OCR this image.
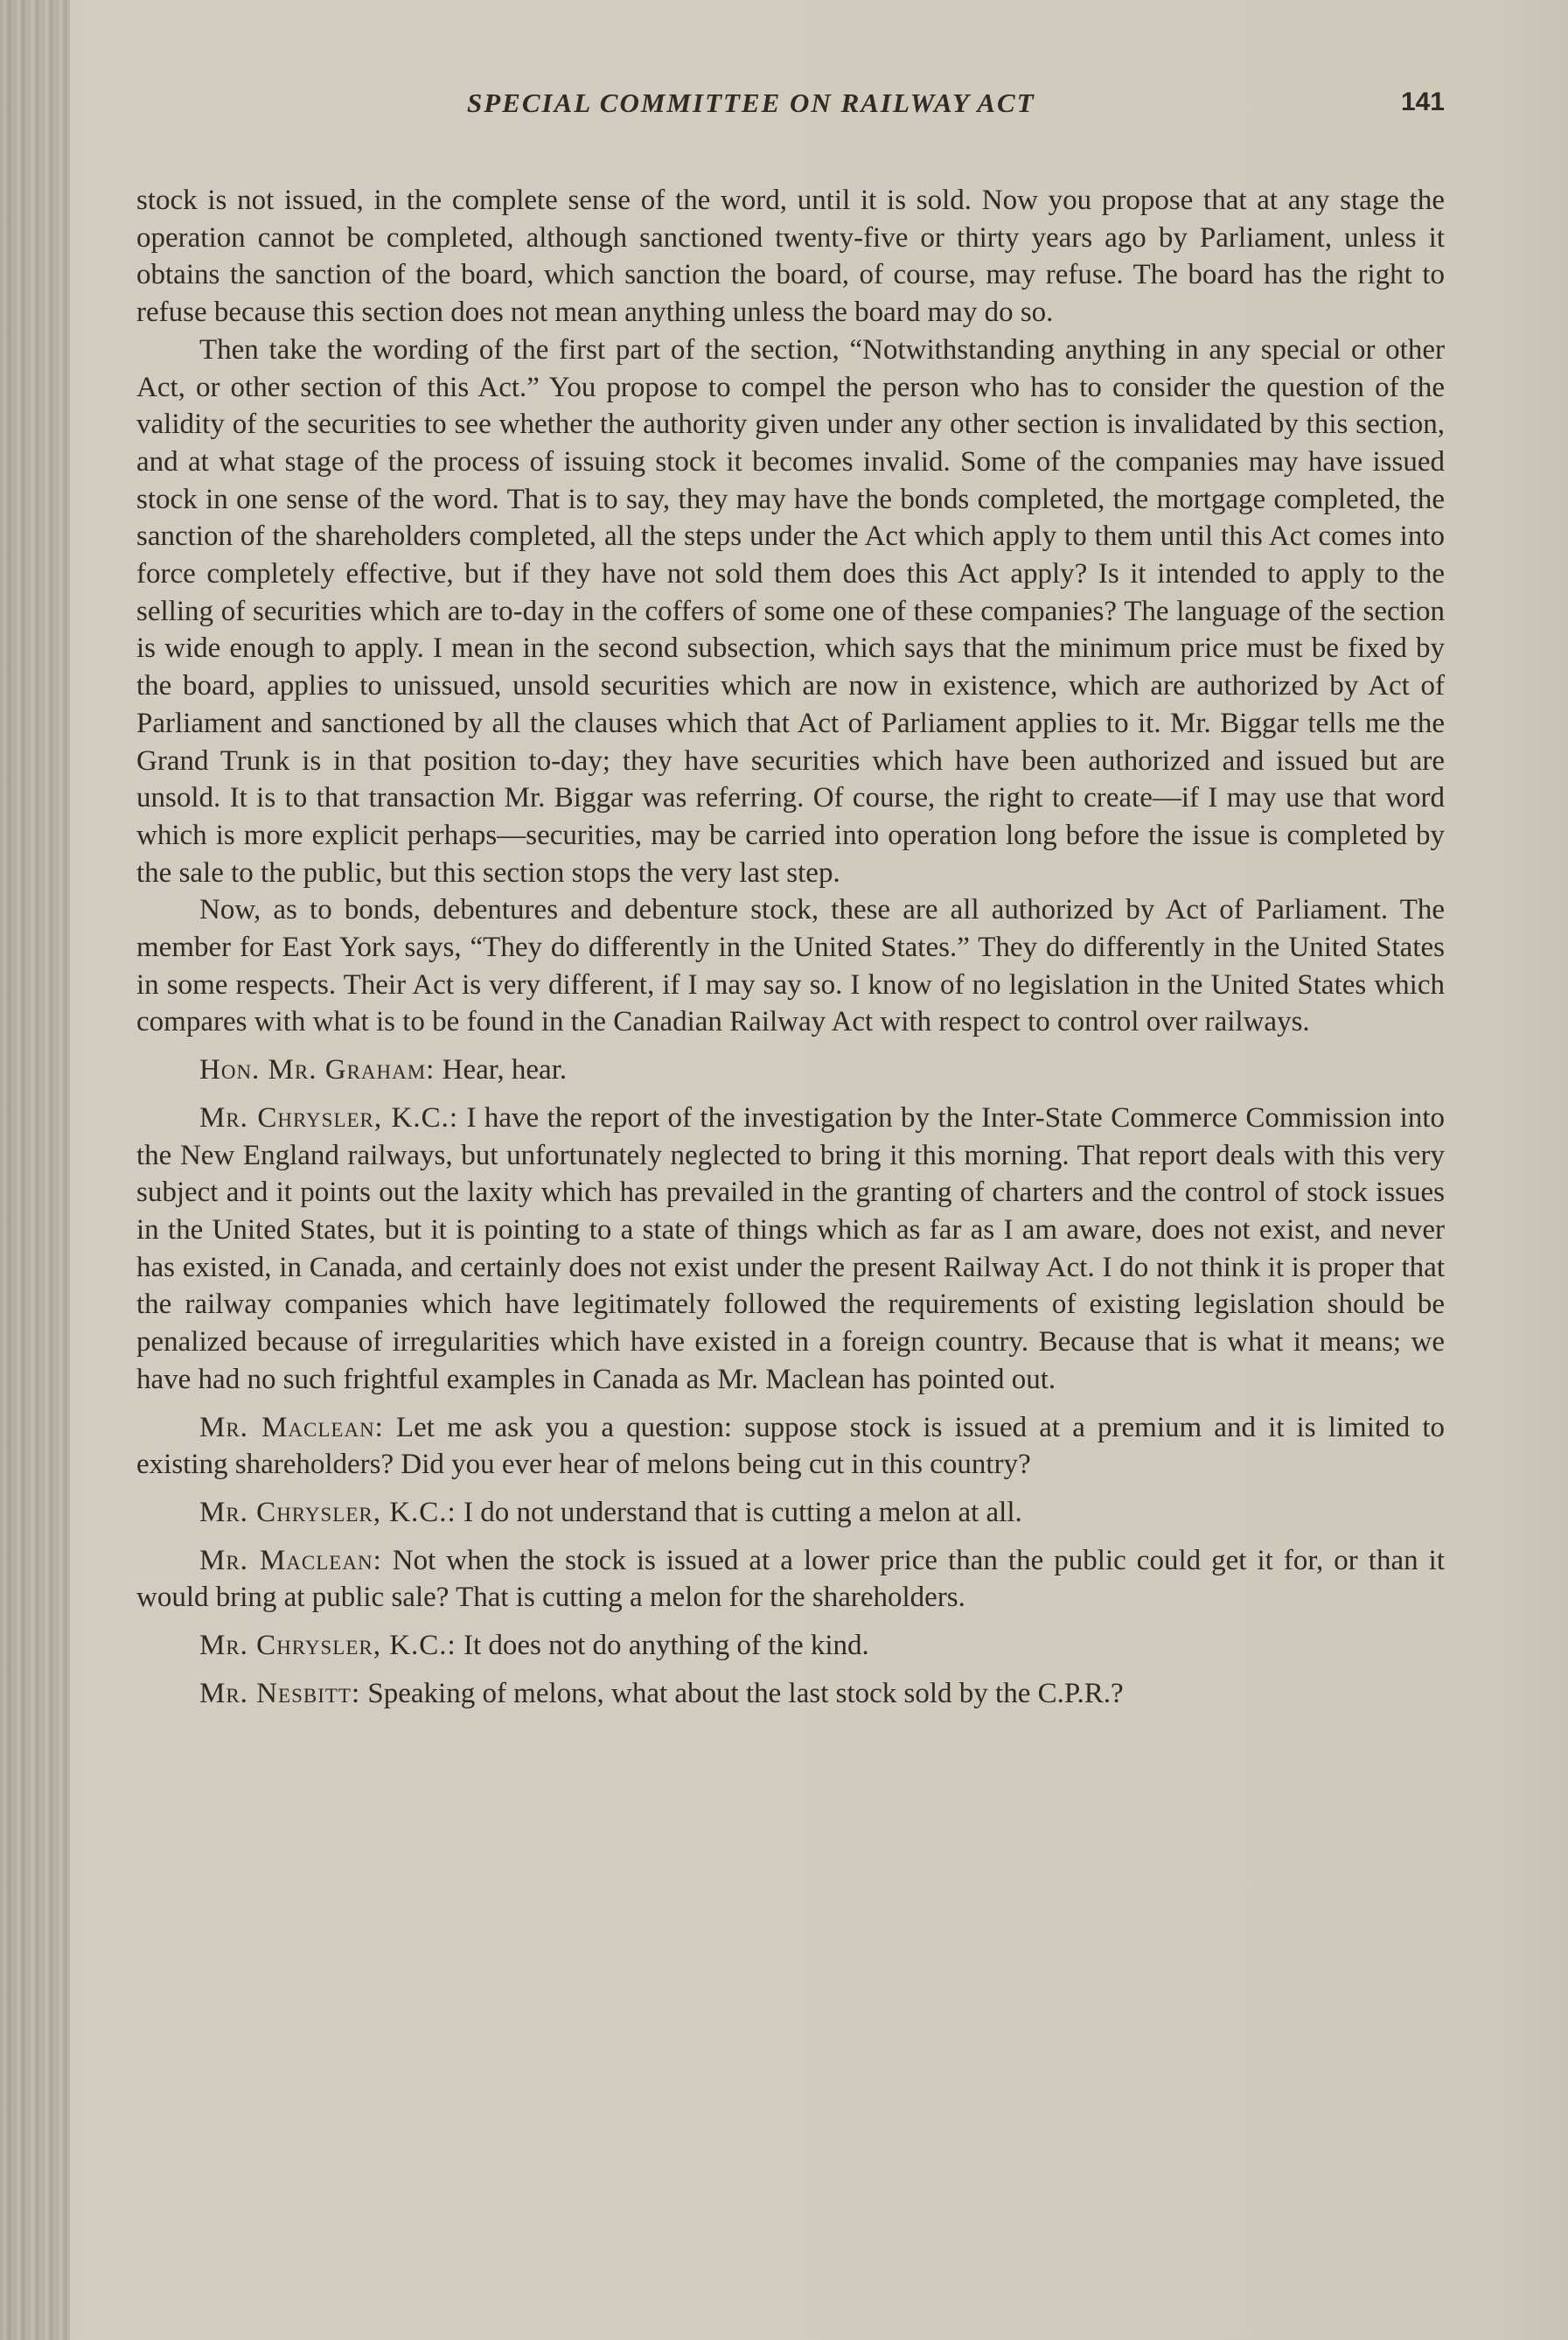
SPECIAL COMMITTEE ON RAILWAY ACT	141

stock is not issued, in the complete sense of the word, until it is sold. Now you propose that at any stage the operation cannot be completed, although sanctioned twenty-five or thirty years ago by Parliament, unless it obtains the sanction of the board, which sanction the board, of course, may refuse. The board has the right to refuse because this section does not mean anything unless the board may do so.

Then take the wording of the first part of the section, “Notwithstanding anything in any special or other Act, or other section of this Act.” You propose to compel the person who has to consider the question of the validity of the securities to see whether the authority given under any other section is invalidated by this section, and at what stage of the process of issuing stock it becomes invalid. Some of the companies may have issued stock in one sense of the word. That is to say, they may have the bonds completed, the mortgage completed, the sanction of the shareholders completed, all the steps under the Act which apply to them until this Act comes into force completely effective, but if they have not sold them does this Act apply? Is it intended to apply to the selling of securities which are to-day in the coffers of some one of these companies? The language of the section is wide enough to apply. I mean in the second subsection, which says that the minimum price must be fixed by the board, applies to unissued, unsold securities which are now in existence, which are authorized by Act of Parliament and sanctioned by all the clauses which that Act of Parliament applies to it. Mr. Biggar tells me the Grand Trunk is in that position to-day; they have securities which have been authorized and issued but are unsold. It is to that transaction Mr. Biggar was referring. Of course, the right to create—if I may use that word which is more explicit perhaps—securities, may be carried into operation long before the issue is completed by the sale to the public, but this section stops the very last step.

Now, as to bonds, debentures and debenture stock, these are all authorized by Act of Parliament. The member for East York says, “They do differently in the United States.” They do differently in the United States in some respects. Their Act is very different, if I may say so. I know of no legislation in the United States which compares with what is to be found in the Canadian Railway Act with respect to control over railways.

Hon. Mr. Graham: Hear, hear.

Mr. Chrysler, K.C.: I have the report of the investigation by the Inter-State Commerce Commission into the New England railways, but unfortunately neglected to bring it this morning. That report deals with this very subject and it points out the laxity which has prevailed in the granting of charters and the control of stock issues in the United States, but it is pointing to a state of things which as far as I am aware, does not exist, and never has existed, in Canada, and certainly does not exist under the present Railway Act. I do not think it is proper that the railway companies which have legitimately followed the requirements of existing legislation should be penalized because of irregularities which have existed in a foreign country. Because that is what it means; we have had no such frightful examples in Canada as Mr. Maclean has pointed out.

Mr. Maclean: Let me ask you a question: suppose stock is issued at a premium and it is limited to existing shareholders? Did you ever hear of melons being cut in this country?

Mr. Chrysler, K.C.: I do not understand that is cutting a melon at all.

Mr. Maclean: Not when the stock is issued at a lower price than the public could get it for, or than it would bring at public sale? That is cutting a melon for the shareholders.

Mr. Chrysler, K.C.: It does not do anything of the kind.

Mr. Nesbitt: Speaking of melons, what about the last stock sold by the C.P.R.?
